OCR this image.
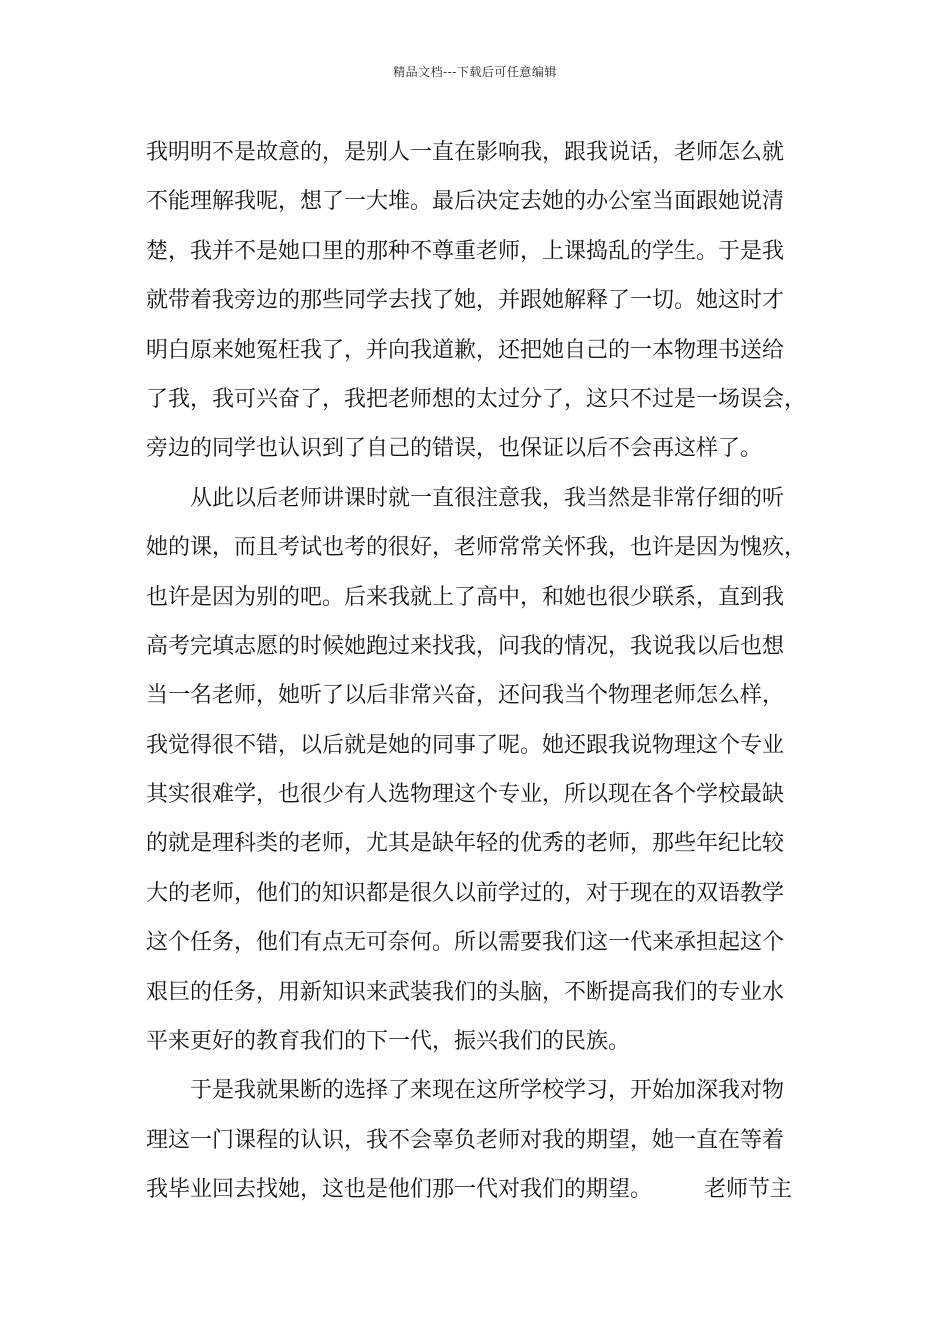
精品文档---下载后可任意编辑
我明明不是故意的，是别人一直在影响我，跟我说话，老师怎么就
不能理解我呢，想了一大堆。最后决定去她的办公室当面跟她说清
楚，我并不是她口里的那种不尊重老师，上课捣乱的学生。于是我
就带着我旁边的那些同学去找了她，并跟她解释了一切。她这时才
明白原来她冤枉我了，并向我道歉，还把她自己的一本物理书送给
了我，我可兴奋了，我把老师想的太过分了，这只不过是一场误会，
旁边的同学也认识到了自己的错误，也保证以后不会再这样了。
　　从此以后老师讲课时就一直很注意我，我当然是非常仔细的听
她的课，而且考试也考的很好，老师常常关怀我，也许是因为愧疚，
也许是因为别的吧。后来我就上了高中，和她也很少联系，直到我
高考完填志愿的时候她跑过来找我，问我的情况，我说我以后也想
当一名老师，她听了以后非常兴奋，还问我当个物理老师怎么样，
我觉得很不错，以后就是她的同事了呢。她还跟我说物理这个专业
其实很难学，也很少有人选物理这个专业，所以现在各个学校最缺
的就是理科类的老师，尤其是缺年轻的优秀的老师，那些年纪比较
大的老师，他们的知识都是很久以前学过的，对于现在的双语教学
这个任务，他们有点无可奈何。所以需要我们这一代来承担起这个
艰巨的任务，用新知识来武装我们的头脑，不断提高我们的专业水
平来更好的教育我们的下一代，振兴我们的民族。
　　于是我就果断的选择了来现在这所学校学习，开始加深我对物
理这一门课程的认识，我不会辜负老师对我的期望，她一直在等着
我毕业回去找她，这也是他们那一代对我们的期望。 老师节主
